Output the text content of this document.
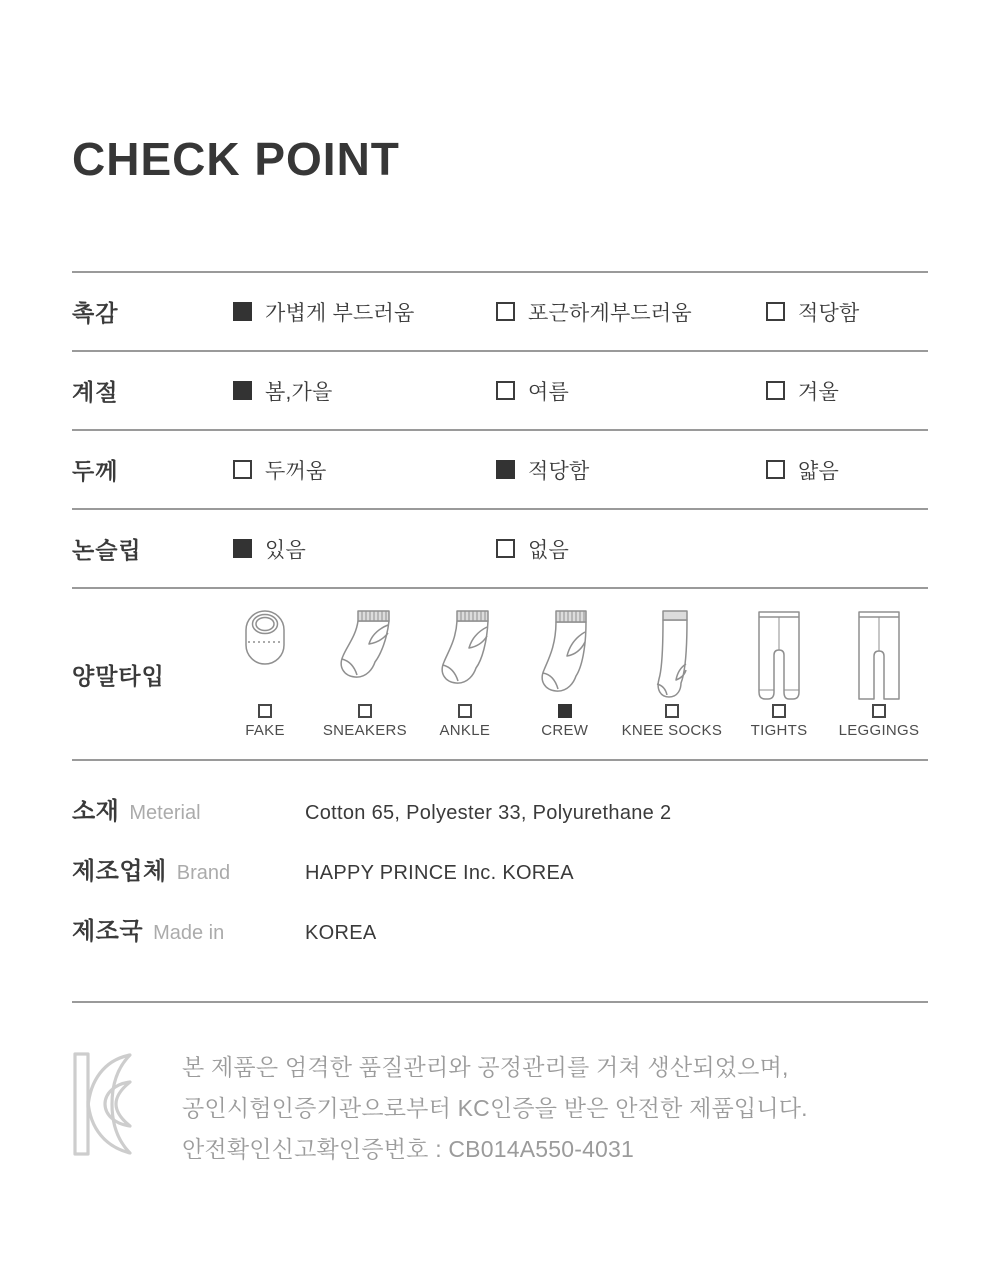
CHECK POINT
촉감	가볍게 부드러움	포근하게부드러움	적당함
계절	봄,가을	여름	겨울
두께	두꺼움	적당함	얇음
논슬립	있음	없음
양말타입
FAKE	SNEAKERS ANKLE	CREW KNEE SOCKS TIGHTS LEGGINGS
소재 Meterial	Cotton 65, Polyester 33, Polyurethane 2
제조업체 Brand	HAPPY PRINCE Inc. KOREA
제조국 Made in	KOREA
본 제품은 엄격한 품질관리와 공정관리를 거쳐 생산되었으며,
공인시험인증기관으로부터 KC인증을 받은 안전한 제품입니다.
안전확인신고확인증번호 : CB014A550-4031
